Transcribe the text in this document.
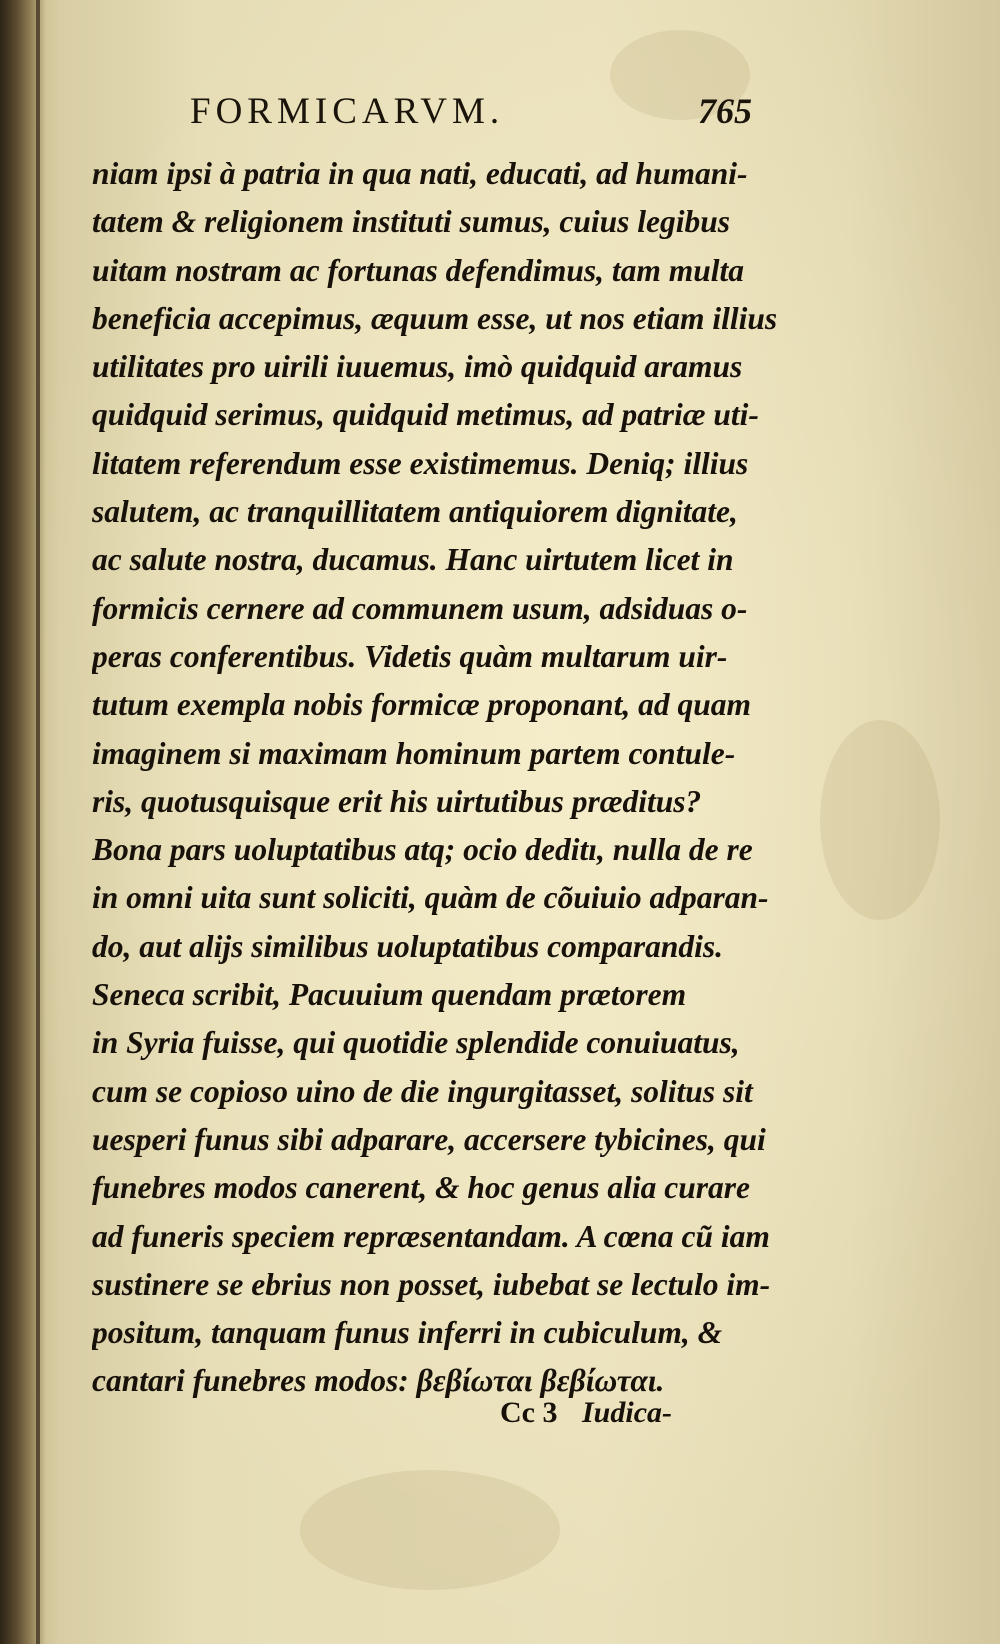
FORMICARVM.	765
niam ipsi à patria in qua nati, educati, ad humani-
tatem & religionem instituti sumus, cuius legibus
uitam nostram ac fortunas defendimus, tam multa
beneficia accepimus, æquum esse, ut nos etiam illius
utilitates pro uirili iuuemus, imò quidquid aramus
quidquid serimus, quidquid metimus, ad patriæ uti-
litatem referendum esse existimemus. Deniq; illius
salutem, ac tranquillitatem antiquiorem dignitate,
ac salute nostra, ducamus. Hanc uirtutem licet in
formicis cernere ad communem usum, adsiduas o-
peras conferentibus. Videtis quàm multarum uir-
tutum exempla nobis formicæ proponant, ad quam
imaginem si maximam hominum partem contule-
ris, quotusquisque erit his uirtutibus præditus?
Bona pars uoluptatibus atq; ocio deditı, nulla de re
in omni uita sunt soliciti, quàm de cõuiuio adparan-
do, aut alijs similibus uoluptatibus comparandis.
Seneca scribit, Pacuuium quendam prætorem
in Syria fuisse, qui quotidie splendide conuiuatus,
cum se copioso uino de die ingurgitasset, solitus sit
uesperi funus sibi adparare, accersere tybicines, qui
funebres modos canerent, & hoc genus alia curare
ad funeris speciem repræsentandam. A cœna cũ iam
sustinere se ebrius non posset, iubebat se lectulo im-
positum, tanquam funus inferri in cubiculum, &
cantari funebres modos: βεβίωται βεβίωται.
Cc 3 Iudica-
